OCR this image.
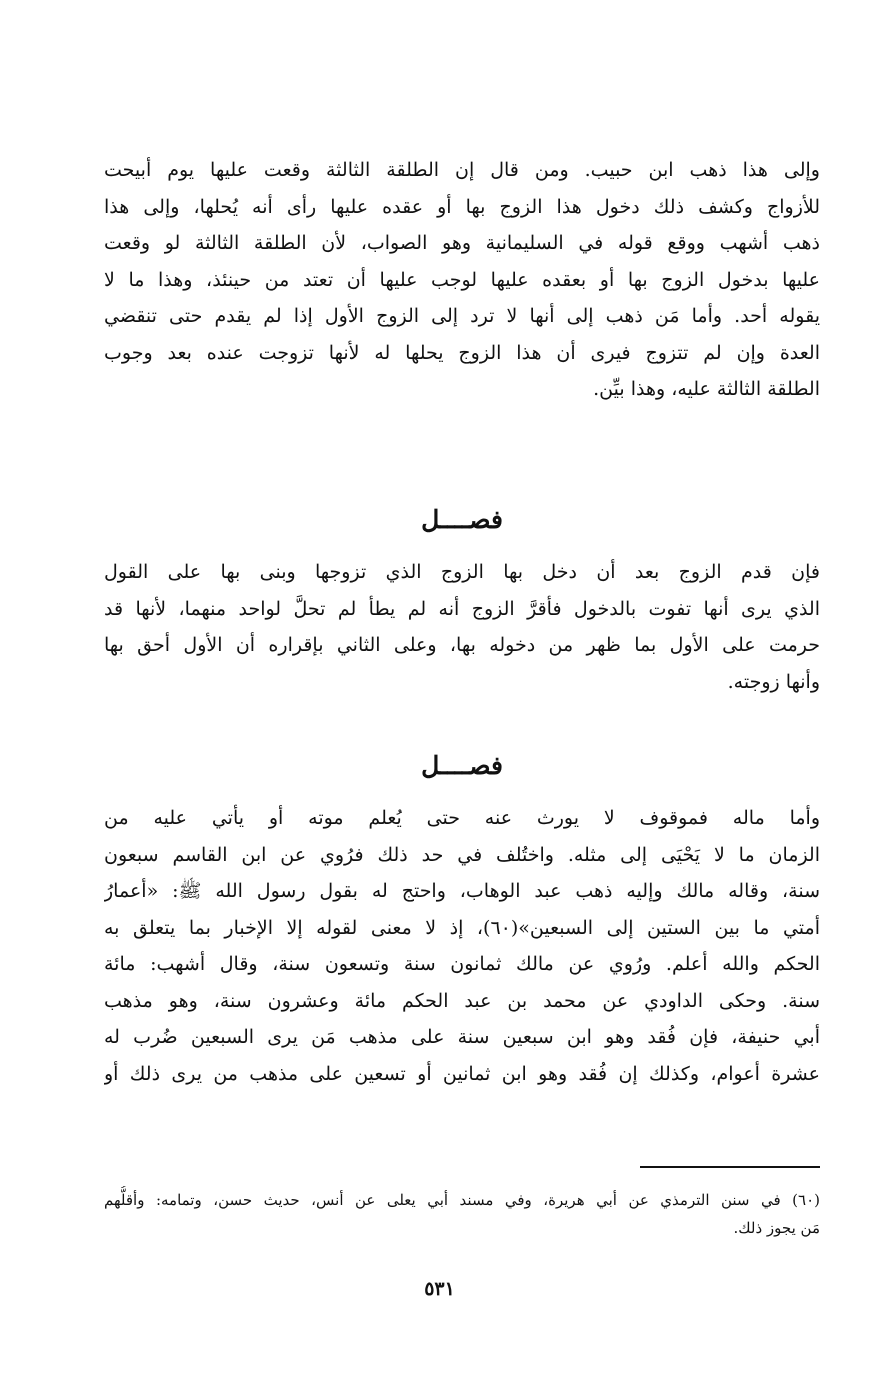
وإلى هذا ذهب ابن حبيب. ومن قال إن الطلقة الثالثة وقعت عليها يوم أبيحت
للأزواج وكشف ذلك دخول هذا الزوج بها أو عقده عليها رأى أنه يُحلها، وإلى هذا
ذهب أشهب ووقع قوله في السليمانية وهو الصواب، لأن الطلقة الثالثة لو وقعت
عليها بدخول الزوج بها أو بعقده عليها لوجب عليها أن تعتد من حينئذ، وهذا ما لا
يقوله أحد. وأما مَن ذهب إلى أنها لا ترد إلى الزوج الأول إذا لم يقدم حتى تنقضي
العدة وإن لم تتزوج فيرى أن هذا الزوج يحلها له لأنها تزوجت عنده بعد وجوب
الطلقة الثالثة عليه، وهذا بيِّن.
فصــــل
فإن قدم الزوج بعد أن دخل بها الزوج الذي تزوجها وبنى بها على القول
الذي يرى أنها تفوت بالدخول فأقرَّ الزوج أنه لم يطأ لم تحلَّ لواحد منهما، لأنها قد
حرمت على الأول بما ظهر من دخوله بها، وعلى الثاني بإقراره أن الأول أحق بها
وأنها زوجته.
فصــــل
وأما ماله فموقوف لا يورث عنه حتى يُعلم موته أو يأتي عليه من
الزمان ما لا يَحْيَى إلى مثله. واختُلف في حد ذلك فرُوي عن ابن القاسم سبعون
سنة، وقاله مالك وإليه ذهب عبد الوهاب، واحتج له بقول رسول الله ﷺ: «أعمارُ
أمتي ما بين الستين إلى السبعين»(٦٠)، إذ لا معنى لقوله إلا الإخبار بما يتعلق به
الحكم والله أعلم. ورُوي عن مالك ثمانون سنة وتسعون سنة، وقال أشهب: مائة
سنة. وحكى الداودي عن محمد بن عبد الحكم مائة وعشرون سنة، وهو مذهب
أبي حنيفة، فإن فُقد وهو ابن سبعين سنة على مذهب مَن يرى السبعين ضُرب له
عشرة أعوام، وكذلك إن فُقد وهو ابن ثمانين أو تسعين على مذهب من يرى ذلك أو
(٦٠) في سنن الترمذي عن أبي هريرة، وفي مسند أبي يعلى عن أنس، حديث حسن، وتمامه: وأقلُّهم
مَن يجوز ذلك.
٥٣١
